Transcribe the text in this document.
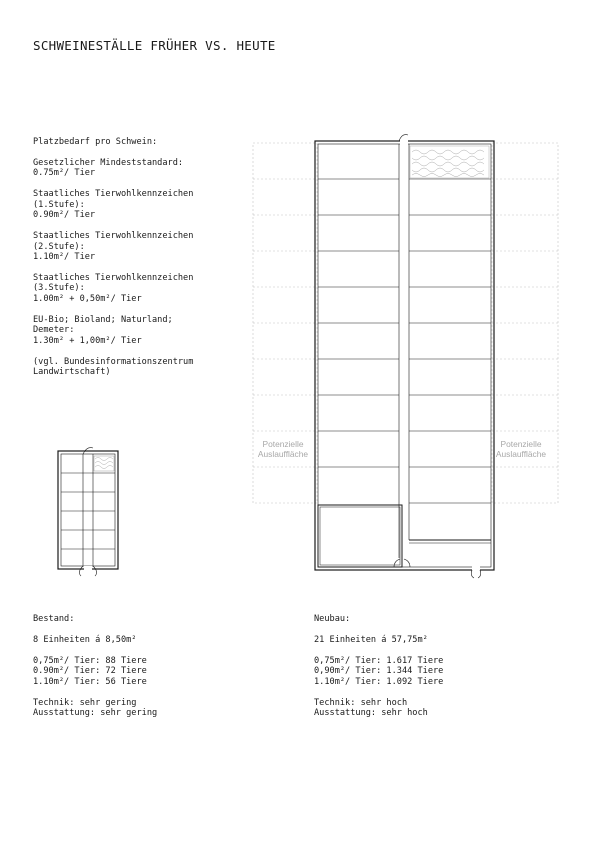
SCHWEINESTÄLLE FRÜHER VS. HEUTE
Platzbedarf pro Schwein:
Gesetzlicher Mindeststandard:
0.75m²/ Tier
Staatliches Tierwohlkennzeichen
(1.Stufe):
0.90m²/ Tier
Staatliches Tierwohlkennzeichen
(2.Stufe):
1.10m²/ Tier
Staatliches Tierwohlkennzeichen
(3.Stufe):
1.00m² + 0,50m²/ Tier
EU-Bio; Bioland; Naturland;
Demeter:
1.30m² + 1,00m²/ Tier
(vgl. Bundesinformationszentrum
Landwirtschaft)
Potenzielle
Auslauffläche
Potenzielle
Auslauffläche
Bestand:
8 Einheiten á 8,50m²
0,75m²/ Tier: 88 Tiere
0.90m²/ Tier: 72 Tiere
1.10m²/ Tier: 56 Tiere
Technik: sehr gering
Ausstattung: sehr gering
Neubau:
21 Einheiten á 57,75m²
0,75m²/ Tier: 1.617 Tiere
0,90m²/ Tier: 1.344 Tiere
1.10m²/ Tier: 1.092 Tiere
Technik: sehr hoch
Ausstattung: sehr hoch
